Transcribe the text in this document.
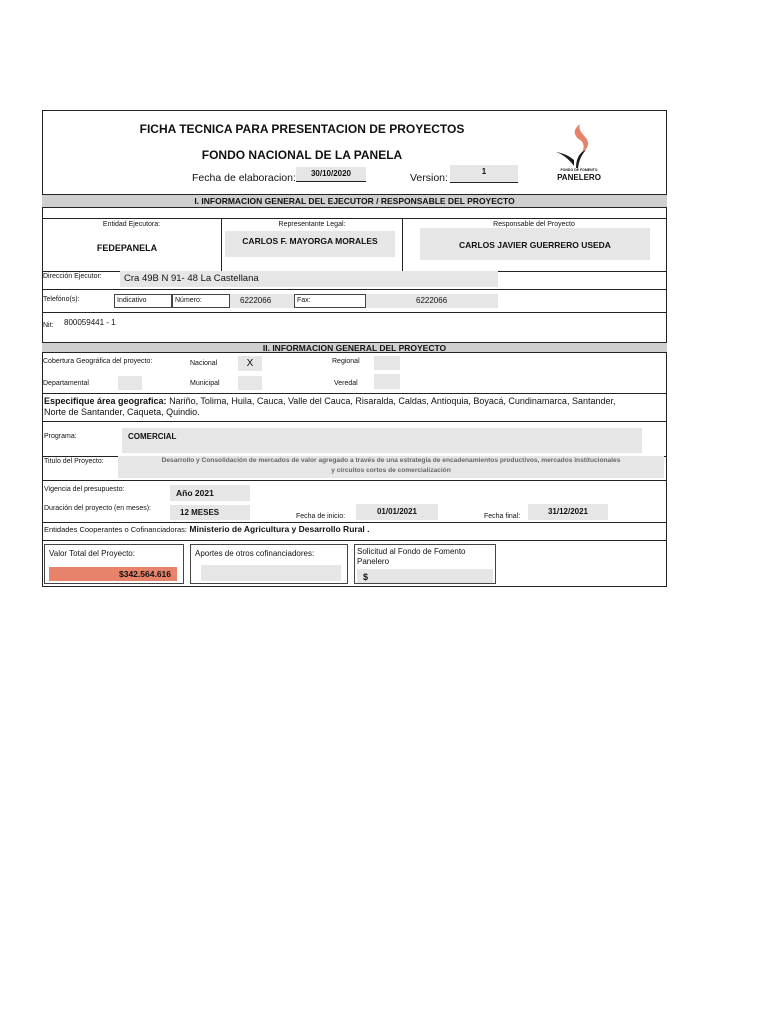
FICHA TECNICA PARA PRESENTACION DE PROYECTOS
FONDO NACIONAL DE LA PANELA
Fecha de elaboracion:	30/10/2020	Version:
1	FONDO DE FOMENTO
PANELERO
I. INFORMACION GENERAL DEL EJECUTOR / RESPONSABLE DEL PROYECTO
Entidad Ejecutora:
FEDEPANELA
Representante Legal:
CARLOS F. MAYORGA MORALES
Responsable del Proyecto
CARLOS JAVIER GUERRERO USEDA
Dirección Ejecutor:	Cra 49B N 91- 48 La Castellana
Telefóno(s):	Indicativo	Número:	6222066	Fax:	6222066
Nit: 800059441 - 1
II. INFORMACION GENERAL DEL PROYECTO
Cobertura Geográfica del proyecto:	Nacional	X	Regional
Departamental	Municipal	Veredal
Especifique área geografica: Nariño, Tolima, Huila, Cauca, Valle del Cauca, Risaralda, Caldas, Antioquia, Boyacá, Cundinamarca, Santander,
Norte de Santander, Caqueta, Quindio.
Programa:	COMERCIAL
Titulo del Proyecto:	Desarrollo y Consolidación de mercados de valor agregado a través de una estrategia de encadenamientos productivos, mercados institucionales
y circuitos cortos de comercialización
Vigencia del presupuesto:	Año 2021
Duración del proyecto (en meses):	12 MESES	Fecha de inicio:
01/01/2021
Fecha final:
31/12/2021
Entidades Cooperantes o Cofinanciadoras: Ministerio de Agricultura y Desarrollo Rural .
Valor Total del Proyecto:
$342.564.616
Aportes de otros cofinanciadores:	Solicitud al Fondo de Fomento Panelero
$
